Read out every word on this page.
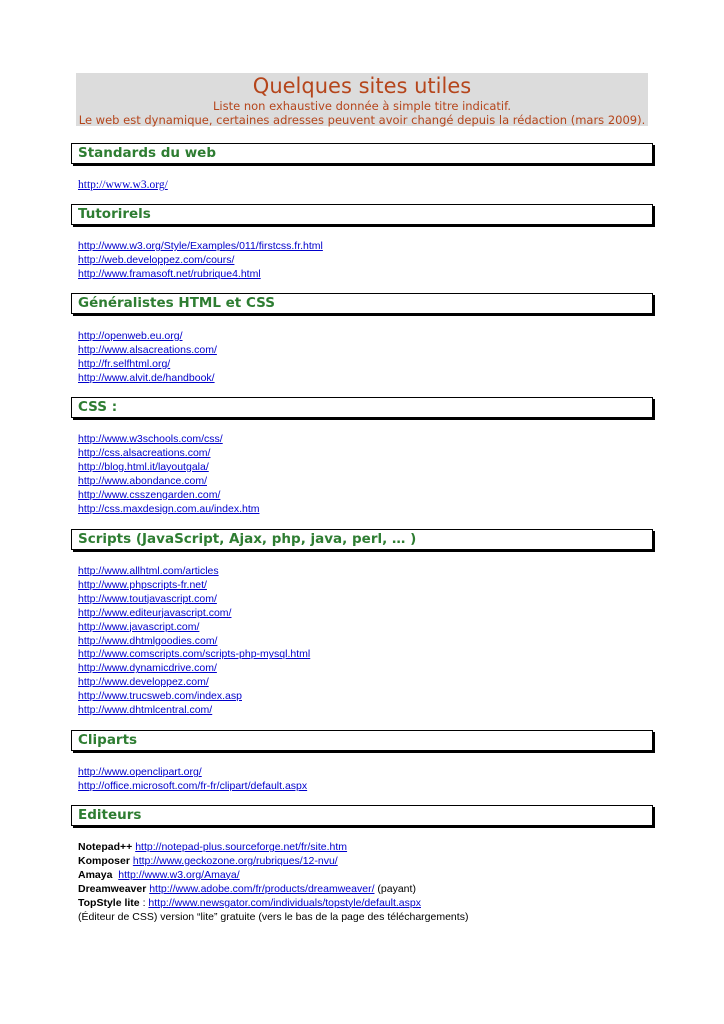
Quelques sites utiles
Liste non exhaustive donnée à simple titre indicatif.
Le web est dynamique, certaines adresses peuvent avoir changé depuis la rédaction (mars 2009).
Standards du web
http://www.w3.org/
Tutorirels
http://www.w3.org/Style/Examples/011/firstcss.fr.html
http://web.developpez.com/cours/
http://www.framasoft.net/rubrique4.html
Généralistes HTML et CSS
http://openweb.eu.org/
http://www.alsacreations.com/
http://fr.selfhtml.org/
http://www.alvit.de/handbook/
CSS :
http://www.w3schools.com/css/
http://css.alsacreations.com/
http://blog.html.it/layoutgala/
http://www.abondance.com/
http://www.csszengarden.com/
http://css.maxdesign.com.au/index.htm
Scripts (JavaScript, Ajax, php, java, perl, … )
http://www.allhtml.com/articles
http://www.phpscripts-fr.net/
http://www.toutjavascript.com/
http://www.editeurjavascript.com/
http://www.javascript.com/
http://www.dhtmlgoodies.com/
http://www.comscripts.com/scripts-php-mysql.html
http://www.dynamicdrive.com/
http://www.developpez.com/
http://www.trucsweb.com/index.asp
http://www.dhtmlcentral.com/
Cliparts
http://www.openclipart.org/
http://office.microsoft.com/fr-fr/clipart/default.aspx
Editeurs
Notepad++ http://notepad-plus.sourceforge.net/fr/site.htm
Komposer http://www.geckozone.org/rubriques/12-nvu/
Amaya http://www.w3.org/Amaya/
Dreamweaver http://www.adobe.com/fr/products/dreamweaver/ (payant)
TopStyle lite : http://www.newsgator.com/individuals/topstyle/default.aspx
(Éditeur de CSS) version “lite” gratuite (vers le bas de la page des téléchargements)
